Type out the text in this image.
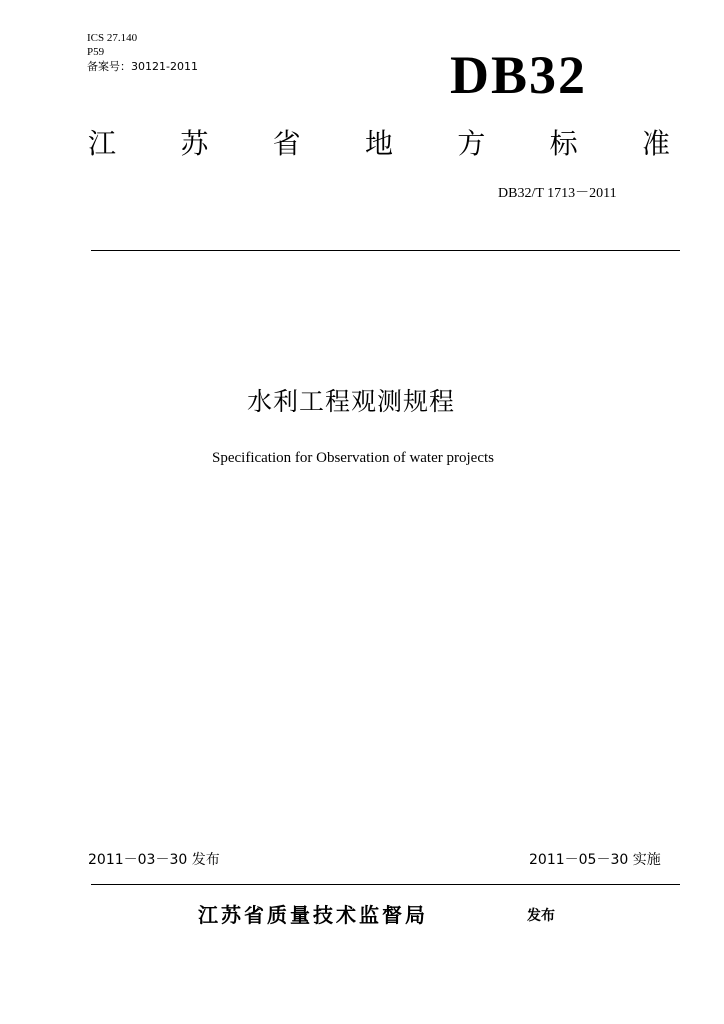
ICS 27.140
P59
备案号：30121-2011	DB32
江 苏 省 地 方 标 准
DB32/T 1713－2011
水利工程观测规程
Specification for Observation of water projects
2011－03－30 发布	2011－05－30 实施
江苏省质量技术监督局	发布
